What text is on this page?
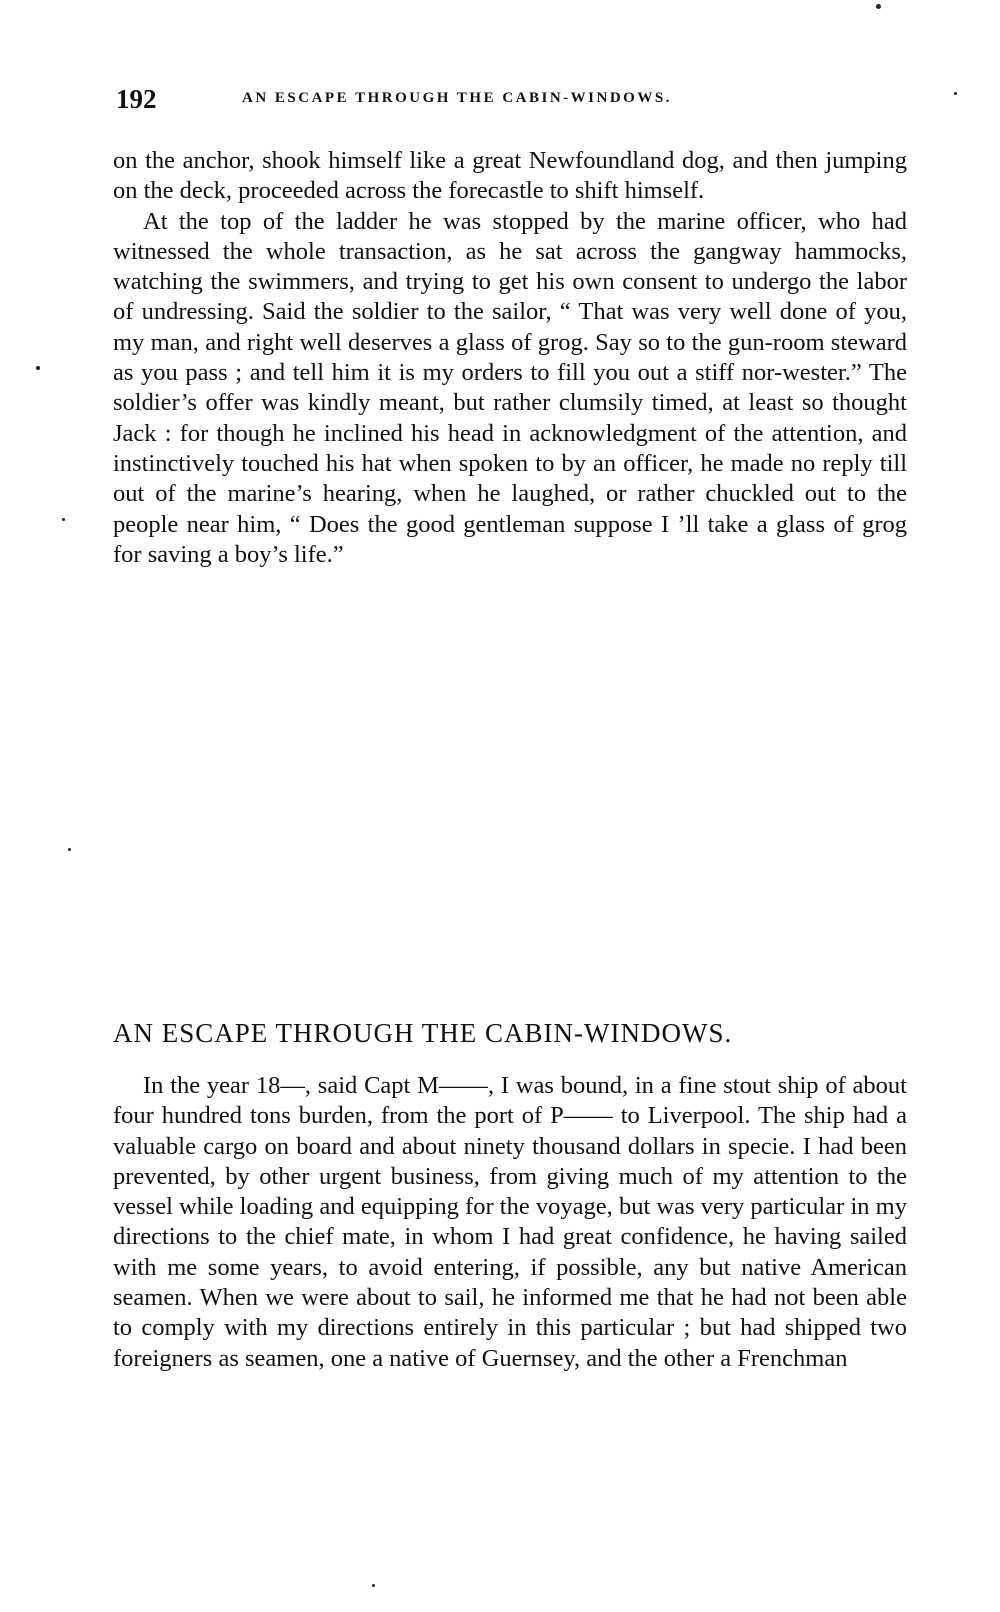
192	AN ESCAPE THROUGH THE CABIN-WINDOWS.

on the anchor, shook himself like a great Newfoundland dog, and then jumping on the deck, proceeded across the forecastle to shift himself.

At the top of the ladder he was stopped by the marine officer, who had witnessed the whole transaction, as he sat across the gangway hammocks, watching the swimmers, and trying to get his own consent to undergo the labor of undressing. Said the soldier to the sailor, “ That was very well done of you, my man, and right well deserves a glass of grog. Say so to the gun-room steward as you pass ; and tell him it is my orders to fill you out a stiff nor-wester.” The soldier’s offer was kindly meant, but rather clumsily timed, at least so thought Jack : for though he inclined his head in acknowledgment of the attention, and instinctively touched his hat when spoken to by an officer, he made no reply till out of the marine’s hearing, when he laughed, or rather chuckled out to the people near him, “ Does the good gentleman suppose I ’ll take a glass of grog for saving a boy’s life.”

AN ESCAPE THROUGH THE CABIN-WINDOWS.

In the year 18—, said Capt M——, I was bound, in a fine stout ship of about four hundred tons burden, from the port of P—— to Liverpool. The ship had a valuable cargo on board and about ninety thousand dollars in specie. I had been prevented, by other urgent business, from giving much of my attention to the vessel while loading and equipping for the voyage, but was very particular in my directions to the chief mate, in whom I had great confidence, he having sailed with me some years, to avoid entering, if possible, any but native American seamen. When we were about to sail, he informed me that he had not been able to comply with my directions entirely in this particular ; but had shipped two foreigners as seamen, one a native of Guernsey, and the other a Frenchman
